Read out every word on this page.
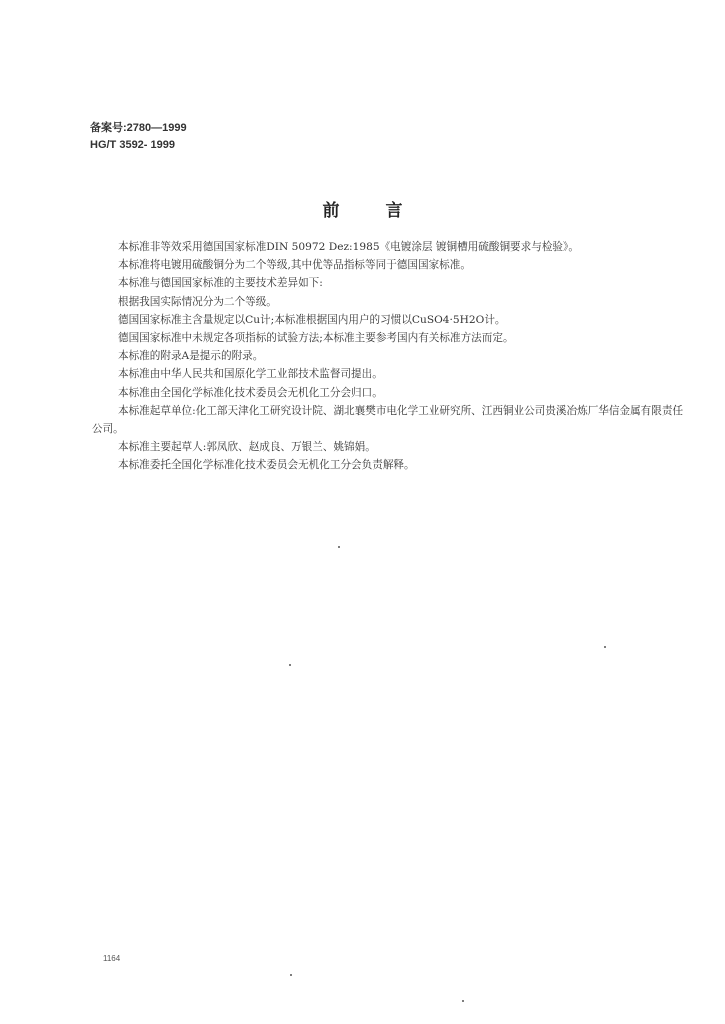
备案号:2780—1999
HG/T 3592- 1999
前	言
本标准非等效采用德国国家标准DIN 50972 Dez:1985《电镀涂层 镀铜槽用硫酸铜要求与检验》。
本标准将电镀用硫酸铜分为二个等级,其中优等品指标等同于德国国家标准。
本标准与德国国家标准的主要技术差异如下:
根据我国实际情况分为二个等级。
德国国家标准主含量规定以Cu计;本标准根据国内用户的习惯以CuSO4·5H2O计。
德国国家标准中未规定各项指标的试验方法;本标准主要参考国内有关标准方法而定。
本标准的附录A是提示的附录。
本标准由中华人民共和国原化学工业部技术监督司提出。
本标准由全国化学标准化技术委员会无机化工分会归口。
本标准起草单位:化工部天津化工研究设计院、湖北襄樊市电化学工业研究所、江西铜业公司贵溪冶炼厂华信金属有限责任公司。
本标准主要起草人:郭凤欣、赵成良、万银兰、姚锦娟。
本标准委托全国化学标准化技术委员会无机化工分会负责解释。
1164
